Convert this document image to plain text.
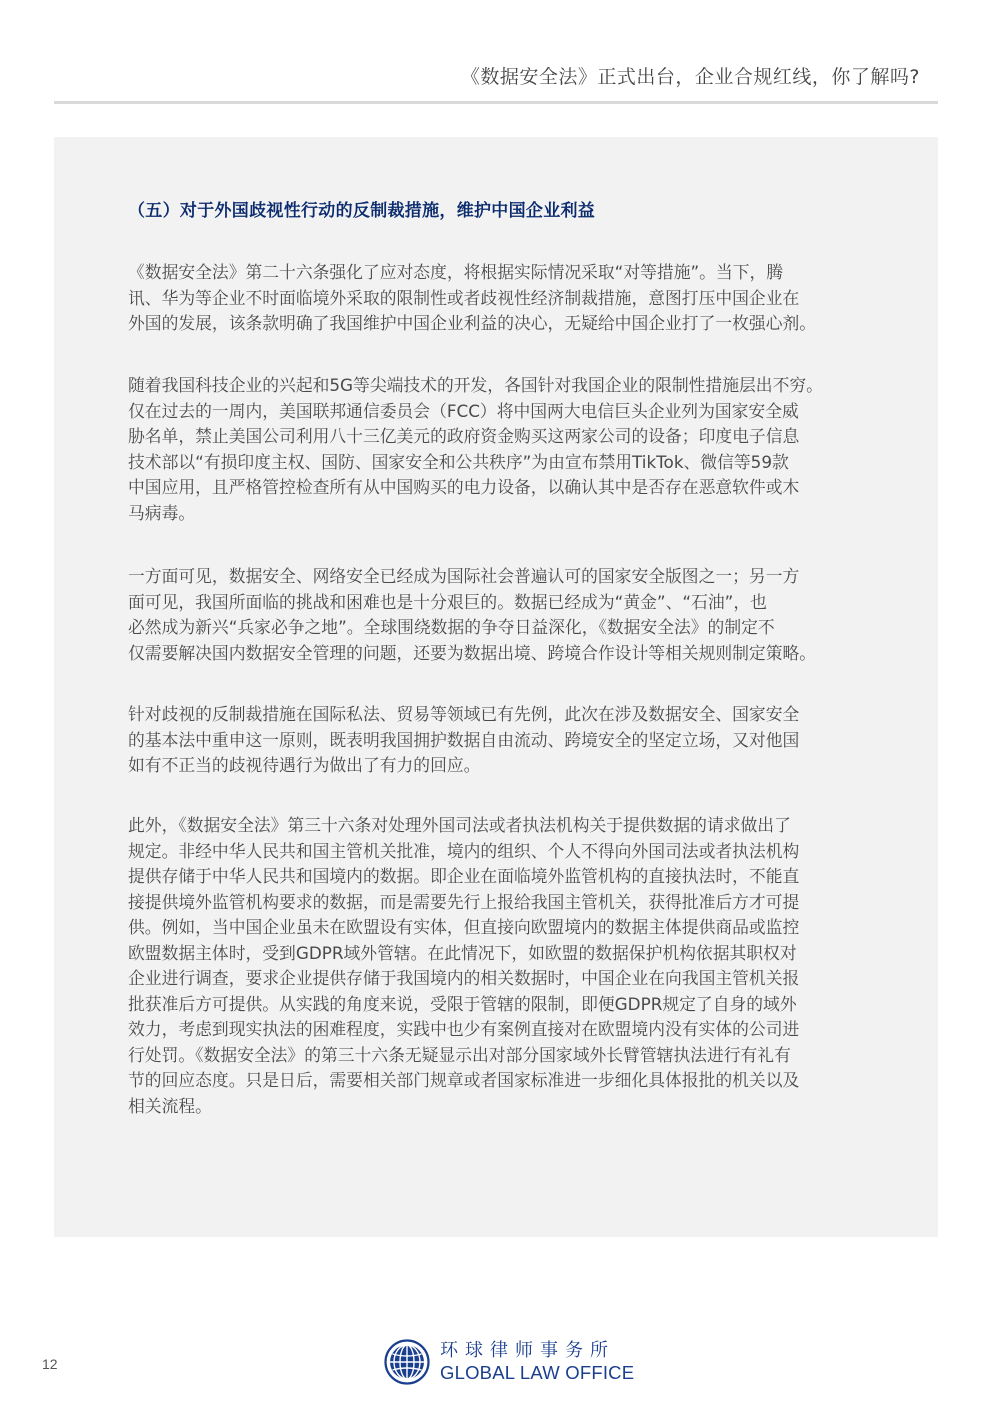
《数据安全法》正式出台，企业合规红线，你了解吗?
（五）对于外国歧视性行动的反制裁措施，维护中国企业利益
《数据安全法》第二十六条强化了应对态度，将根据实际情况采取“对等措施”。当下，腾
讯、华为等企业不时面临境外采取的限制性或者歧视性经济制裁措施，意图打压中国企业在
外国的发展，该条款明确了我国维护中国企业利益的决心，无疑给中国企业打了一枚强心剂。
随着我国科技企业的兴起和5G等尖端技术的开发，各国针对我国企业的限制性措施层出不穷。
仅在过去的一周内，美国联邦通信委员会（FCC）将中国两大电信巨头企业列为国家安全威
胁名单，禁止美国公司利用八十三亿美元的政府资金购买这两家公司的设备；印度电子信息
技术部以“有损印度主权、国防、国家安全和公共秩序”为由宣布禁用TikTok、微信等59款
中国应用，且严格管控检查所有从中国购买的电力设备，以确认其中是否存在恶意软件或木
马病毒。
一方面可见，数据安全、网络安全已经成为国际社会普遍认可的国家安全版图之一；另一方
面可见，我国所面临的挑战和困难也是十分艰巨的。数据已经成为“黄金”、“石油”，也
必然成为新兴“兵家必争之地”。全球围绕数据的争夺日益深化，《数据安全法》的制定不
仅需要解决国内数据安全管理的问题，还要为数据出境、跨境合作设计等相关规则制定策略。
针对歧视的反制裁措施在国际私法、贸易等领域已有先例，此次在涉及数据安全、国家安全
的基本法中重申这一原则，既表明我国拥护数据自由流动、跨境安全的坚定立场，又对他国
如有不正当的歧视待遇行为做出了有力的回应。
此外，《数据安全法》第三十六条对处理外国司法或者执法机构关于提供数据的请求做出了
规定。非经中华人民共和国主管机关批准，境内的组织、个人不得向外国司法或者执法机构
提供存储于中华人民共和国境内的数据。即企业在面临境外监管机构的直接执法时，不能直
接提供境外监管机构要求的数据，而是需要先行上报给我国主管机关，获得批准后方才可提
供。例如，当中国企业虽未在欧盟设有实体，但直接向欧盟境内的数据主体提供商品或监控
欧盟数据主体时，受到GDPR域外管辖。在此情况下，如欧盟的数据保护机构依据其职权对
企业进行调查，要求企业提供存储于我国境内的相关数据时，中国企业在向我国主管机关报
批获准后方可提供。从实践的角度来说，受限于管辖的限制，即便GDPR规定了自身的域外
效力，考虑到现实执法的困难程度，实践中也少有案例直接对在欧盟境内没有实体的公司进
行处罚。《数据安全法》的第三十六条无疑显示出对部分国家域外长臂管辖执法进行有礼有
节的回应态度。只是日后，需要相关部门规章或者国家标准进一步细化具体报批的机关以及
相关流程。
12
环球律师事务所
GLOBAL LAW OFFICE
